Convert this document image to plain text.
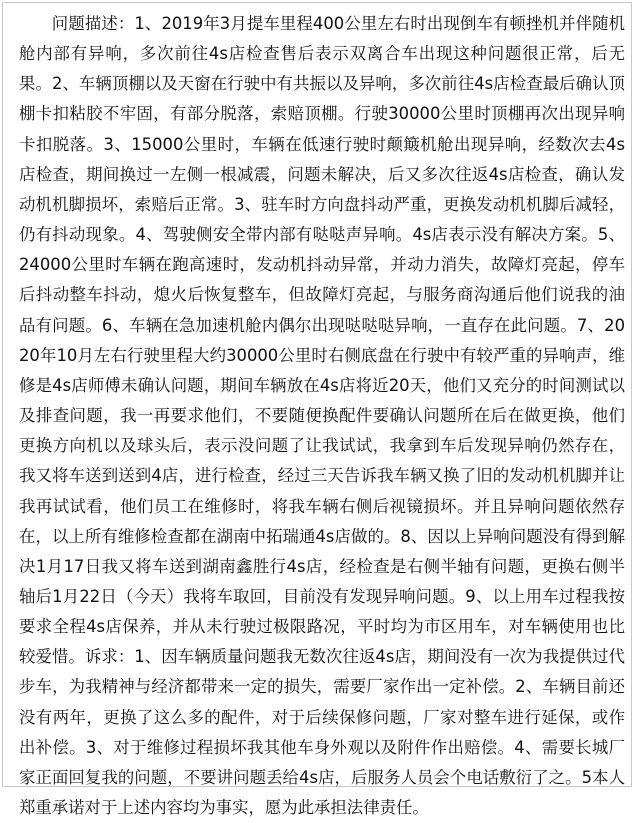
问题描述：1、2019年3月提车里程400公里左右时出现倒车有顿挫机并伴随机舱内部有异响，多次前往4s店检查售后表示双离合车出现这种问题很正常，后无果。2、车辆顶棚以及天窗在行驶中有共振以及异响，多次前往4s店检查最后确认顶棚卡扣粘胶不牢固，有部分脱落，索赔顶棚。行驶30000公里时顶棚再次出现异响卡扣脱落。3、15000公里时，车辆在低速行驶时颠簸机舱出现异响，经数次去4s店检查，期间换过一左侧一根减震，问题未解决，后又多次往返4s店检查，确认发动机机脚损坏，索赔后正常。3、驻车时方向盘抖动严重，更换发动机机脚后减轻，仍有抖动现象。4、驾驶侧安全带内部有哒哒声异响。4s店表示没有解决方案。5、24000公里时车辆在跑高速时，发动机抖动异常，并动力消失，故障灯亮起，停车后抖动整车抖动，熄火后恢复整车，但故障灯亮起，与服务商沟通后他们说我的油品有问题。6、车辆在急加速机舱内偶尔出现哒哒哒异响，一直存在此问题。7、2020年10月左右行驶里程大约30000公里时右侧底盘在行驶中有较严重的异响声，维修是4s店师傅未确认问题，期间车辆放在4s店将近20天，他们又充分的时间测试以及排查问题，我一再要求他们，不要随便换配件要确认问题所在后在做更换，他们更换方向机以及球头后，表示没问题了让我试试，我拿到车后发现异响仍然存在，我又将车送到送到4店，进行检查，经过三天告诉我车辆又换了旧的发动机机脚并让我再试试看，他们员工在维修时，将我车辆右侧后视镜损坏。并且异响问题依然存在，以上所有维修检查都在湖南中拓瑞通4s店做的。8、因以上异响问题没有得到解决1月17日我又将车送到湖南鑫胜行4s店，经检查是右侧半轴有问题，更换右侧半轴后1月22日（今天）我将车取回，目前没有发现异响问题。9、以上用车过程我按要求全程4s店保养，并从未行驶过极限路况，平时均为市区用车，对车辆使用也比较爱惜。诉求：1、因车辆质量问题我无数次往返4s店，期间没有一次为我提供过代步车，为我精神与经济都带来一定的损失，需要厂家作出一定补偿。2、车辆目前还没有两年，更换了这么多的配件，对于后续保修问题，厂家对整车进行延保，或作出补偿。3、对于维修过程损坏我其他车身外观以及附件作出赔偿。4、需要长城厂家正面回复我的问题，不要讲问题丢给4s店，后服务人员会个电话敷衍了之。5本人郑重承诺对于上述内容均为事实，愿为此承担法律责任。
